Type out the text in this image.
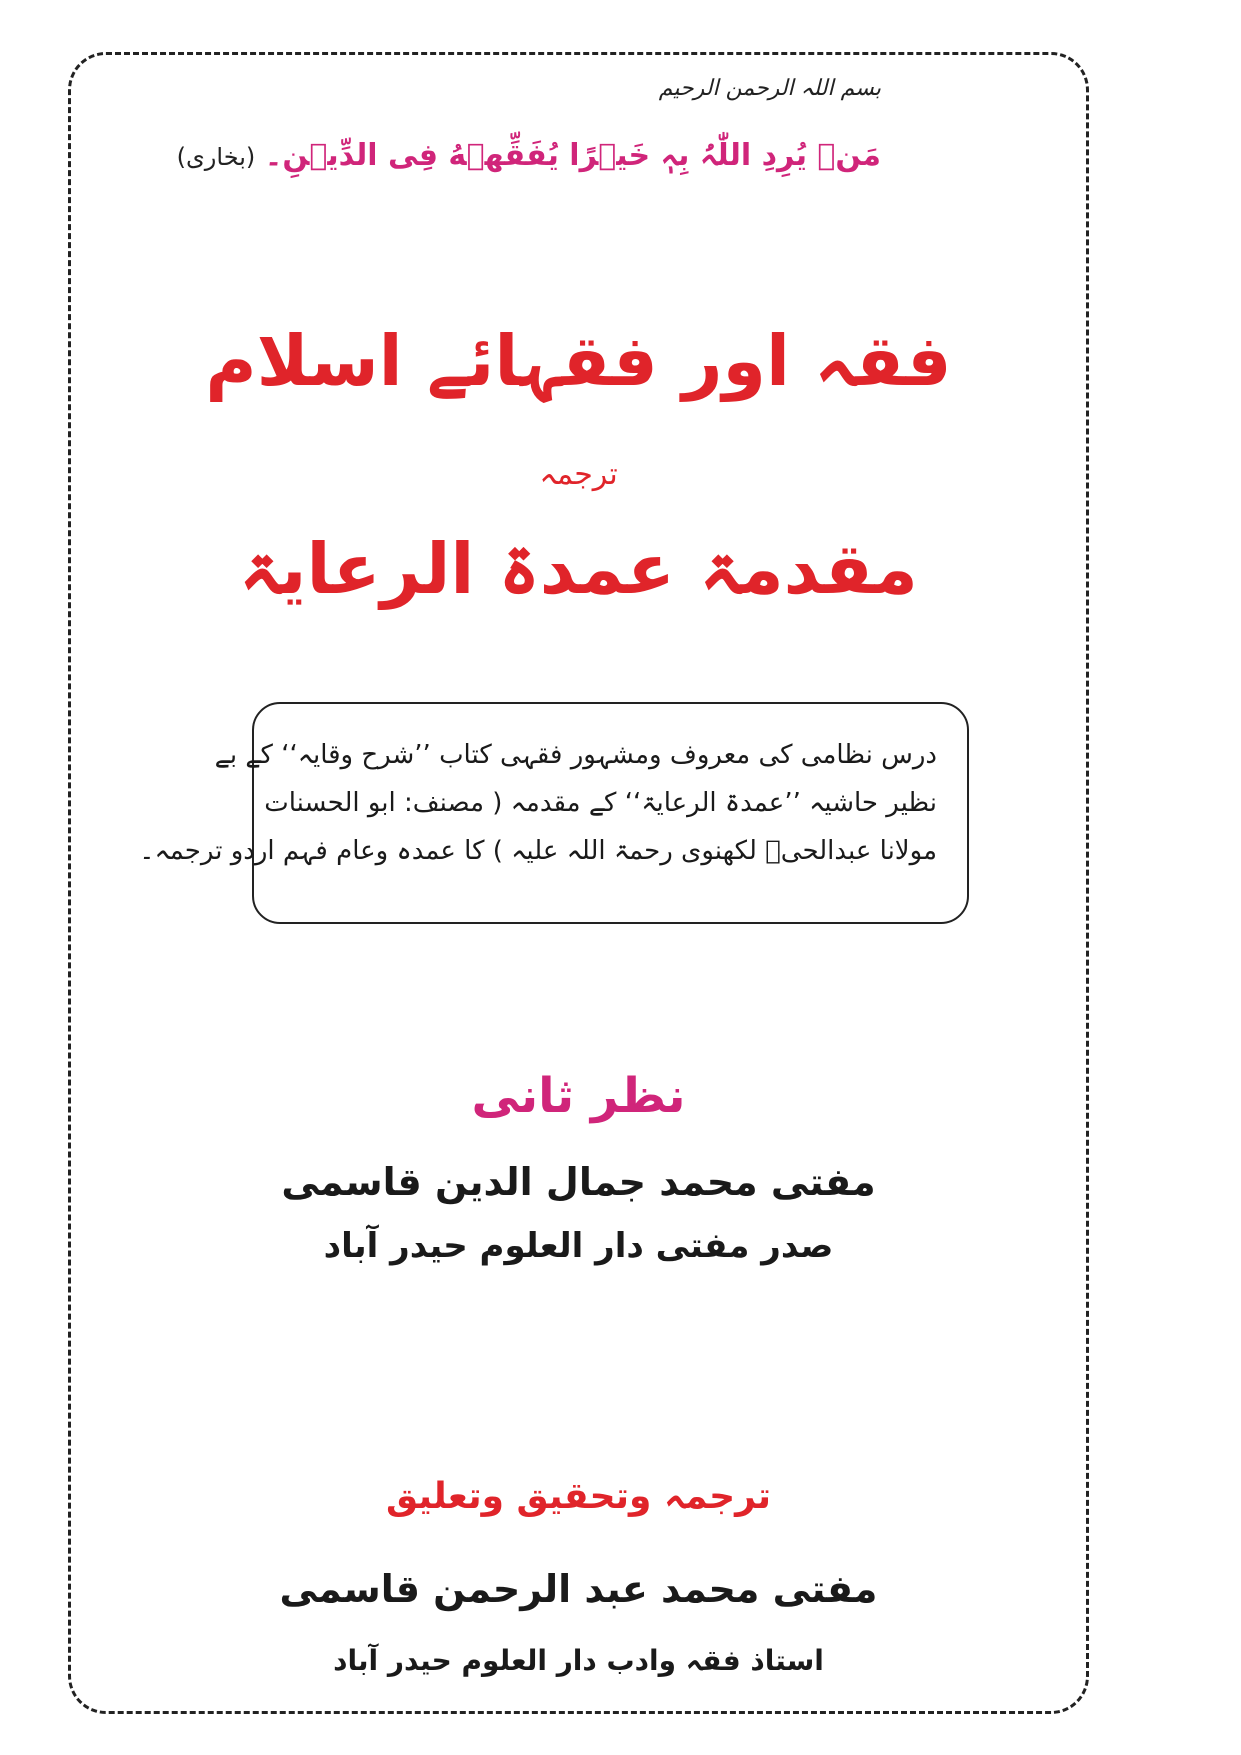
بسم اللہ الرحمن الرحیم
مَنۡ یُرِدِ اللّٰہُ بِہٖ خَیۡرًا یُفَقِّھۡهُ فِی الدِّیۡنِ۔ (بخاری)
فقہ اور فقہائے اسلام
ترجمہ
مقدمۃ عمدۃ الرعایۃ
درس نظامی کی معروف ومشہور فقہی کتاب ’’شرح وقایہ‘‘ کے بے
نظیر حاشیہ ’’عمدۃ الرعایۃ‘‘ کے مقدمہ ( مصنف: ابو الحسنات
مولانا عبدالحیؒ لکھنوی رحمۃ اللہ علیہ ) کا عمدہ وعام فہم اردو ترجمہ۔
نظر ثانی
مفتی محمد جمال الدین قاسمی
صدر مفتی دار العلوم حیدر آباد
ترجمہ وتحقیق وتعلیق
مفتی محمد عبد الرحمن قاسمی
استاذ فقہ وادب دار العلوم حیدر آباد
